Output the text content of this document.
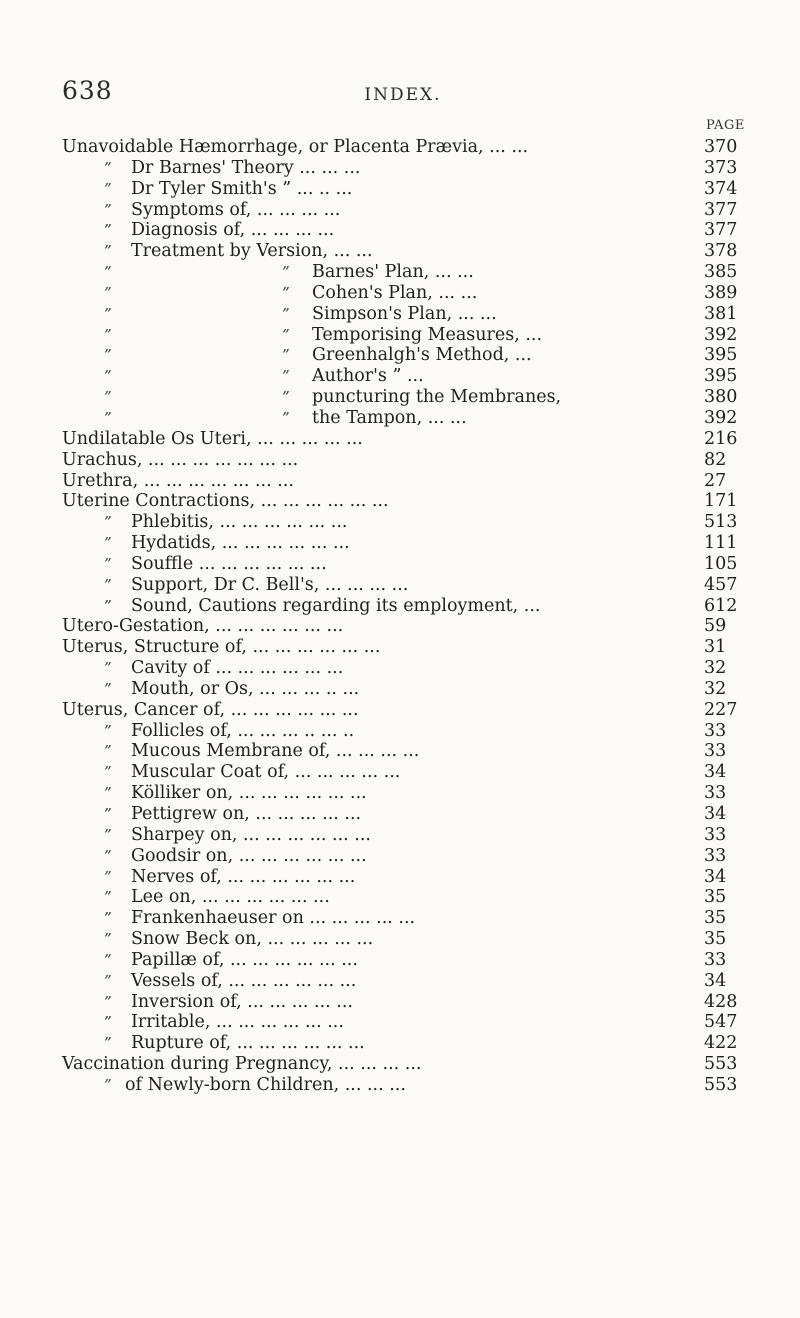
638	INDEX.
PAGE
Unavoidable Hæmorrhage, or Placenta Prævia, ... ...	370
” Dr Barnes' Theory ... ... ...	373
” Dr Tyler Smith's ” ... .. ...	374
” Symptoms of, ... ... ... ...	377
” Diagnosis of, ... ... ... ...	377
” Treatment by Version, ... ...	378
”	” Barnes' Plan, ... ...	385
”	” Cohen's Plan, ... ...	389
”	” Simpson's Plan, ... ...	381
”	” Temporising Measures, ...	392
”	” Greenhalgh's Method, ...	395
”	” Author's ” ...	395
”	” puncturing the Membranes,	380
”	” the Tampon, ... ...	392
Undilatable Os Uteri, ... ... ... ... ...	216
Urachus, ... ... ... ... ... ... ...	82
Urethra, ... ... ... ... ... ... ...	27
Uterine Contractions, ... ... ... ... ... ...	171
” Phlebitis, ... ... ... ... ... ...	513
” Hydatids, ... ... ... ... ... ...	111
” Souffle ... ... ... ... ... ...	105
” Support, Dr C. Bell's, ... ... ... ...	457
” Sound, Cautions regarding its employment, ...	612
Utero-Gestation, ... ... ... ... ... ...	59
Uterus, Structure of, ... ... ... ... ... ...	31
” Cavity of ... ... ... ... ... ...	32
” Mouth, or Os, ... ... ... .. ...	32
Uterus, Cancer of, ... ... ... ... ... ...	227
” Follicles of, ... ... ... .. ... ..	33
” Mucous Membrane of, ... ... ... ...	33
” Muscular Coat of, ... ... ... ... ...	34
” Kölliker on, ... ... ... ... ... ...	33
” Pettigrew on, ... ... ... ... ...	34
” Sharpey on, ... ... ... ... ... ...	33
” Goodsir on, ... ... ... ... ... ...	33
” Nerves of, ... ... ... ... ... ...	34
” Lee on, ... ... ... ... ... ...	35
” Frankenhaeuser on ... ... ... ... ...	35
” Snow Beck on, ... ... ... ... ...	35
” Papillæ of, ... ... ... ... ... ...	33
” Vessels of, ... ... ... ... ... ...	34
” Inversion of, ... ... ... ... ...	428
” Irritable, ... ... ... ... ... ...	547
” Rupture of, ... ... ... ... ... ...	422
Vaccination during Pregnancy, ... ... ... ...	553
” of Newly-born Children, ... ... ...	553
